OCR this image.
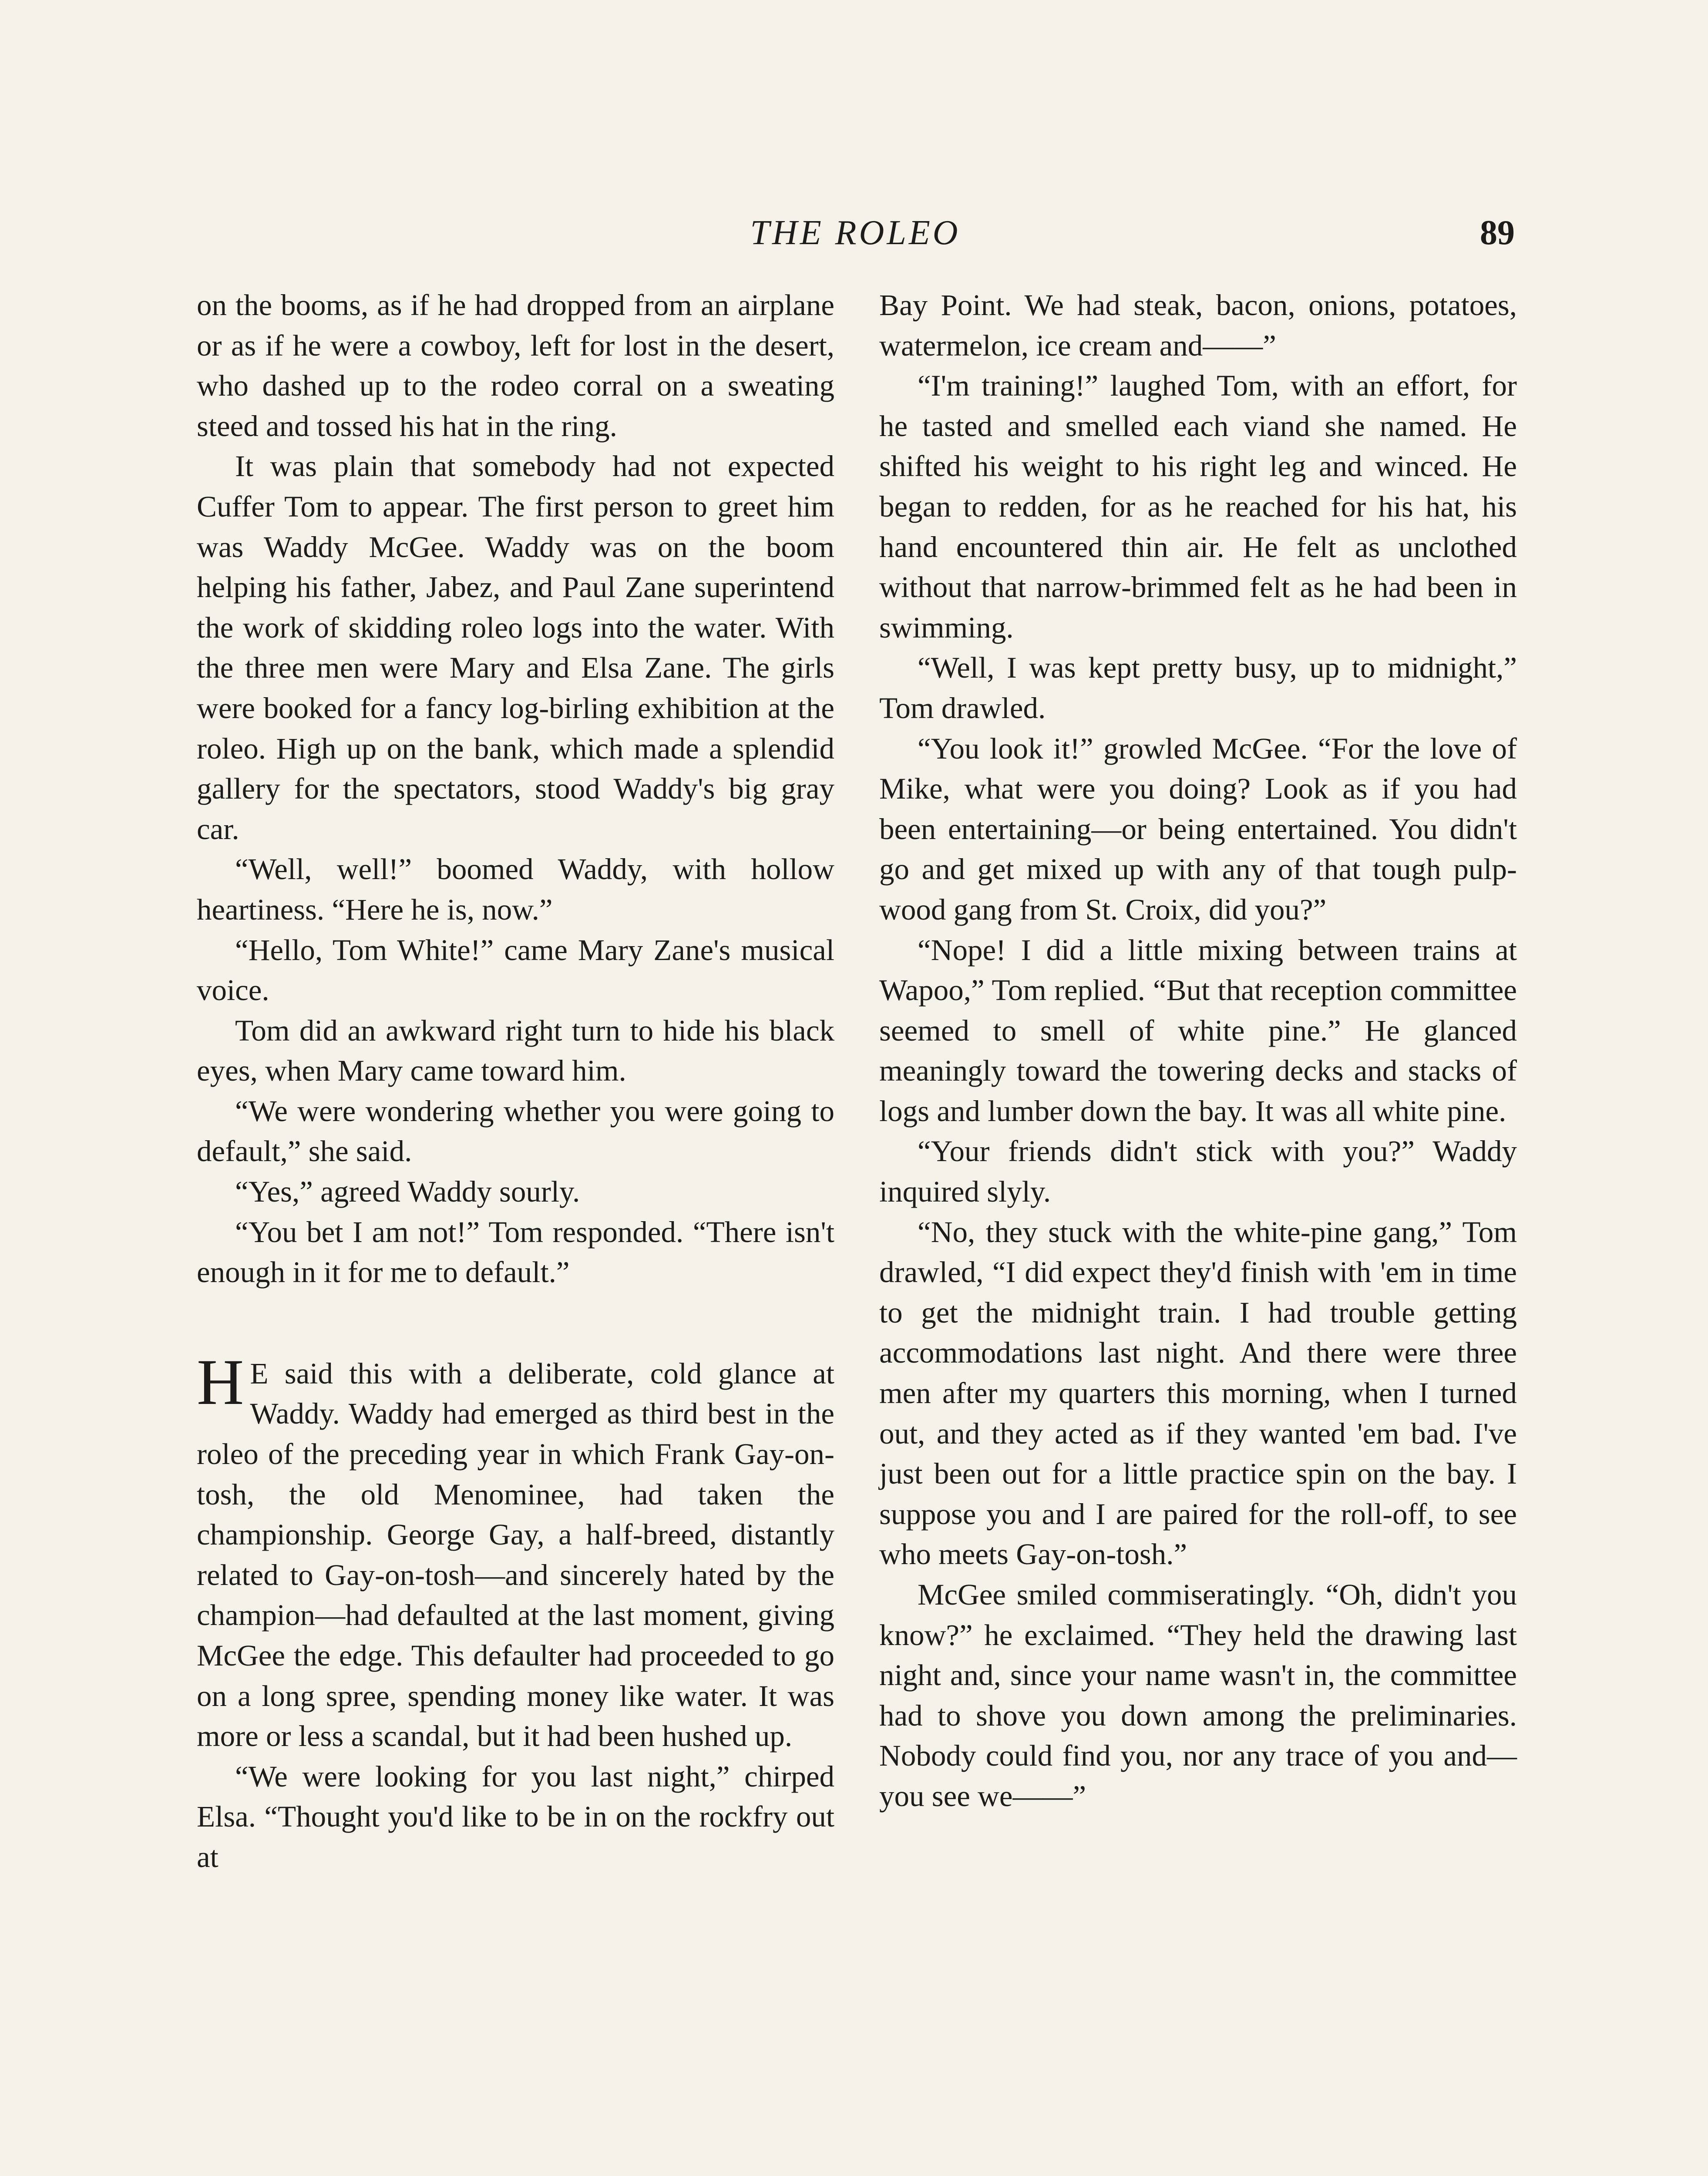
THE ROLEO	89

on the booms, as if he had dropped from an airplane or as if he were a cowboy, left for lost in the desert, who dashed up to the rodeo corral on a sweating steed and tossed his hat in the ring.

It was plain that somebody had not expected Cuffer Tom to appear. The first person to greet him was Waddy McGee. Waddy was on the boom helping his father, Jabez, and Paul Zane superintend the work of skidding roleo logs into the water. With the three men were Mary and Elsa Zane. The girls were booked for a fancy log-birling exhibition at the roleo. High up on the bank, which made a splendid gallery for the spectators, stood Waddy's big gray car.

“Well, well!” boomed Waddy, with hollow heartiness. “Here he is, now.”

“Hello, Tom White!” came Mary Zane's musical voice.

Tom did an awkward right turn to hide his black eyes, when Mary came toward him.

“We were wondering whether you were going to default,” she said.

“Yes,” agreed Waddy sourly.

“You bet I am not!” Tom responded. “There isn't enough in it for me to default.”

H E said this with a deliberate, cold glance at Waddy. Waddy had emerged as third best in the roleo of the preceding year in which Frank Gay-on-tosh, the old Menominee, had taken the championship. George Gay, a half-breed, distantly related to Gay-on-tosh—and sincerely hated by the champion—had defaulted at the last moment, giving McGee the edge. This defaulter had proceeded to go on a long spree, spending money like water. It was more or less a scandal, but it had been hushed up.

“We were looking for you last night,” chirped Elsa. “Thought you'd like to be in on the rockfry out at

Bay Point. We had steak, bacon, onions, potatoes, watermelon, ice cream and——”

“I'm training!” laughed Tom, with an effort, for he tasted and smelled each viand she named. He shifted his weight to his right leg and winced. He began to redden, for as he reached for his hat, his hand encountered thin air. He felt as unclothed without that narrow-brimmed felt as he had been in swimming.

“Well, I was kept pretty busy, up to midnight,” Tom drawled.

“You look it!” growled McGee. “For the love of Mike, what were you doing? Look as if you had been entertaining—or being entertained. You didn't go and get mixed up with any of that tough pulp-wood gang from St. Croix, did you?”

“Nope! I did a little mixing between trains at Wapoo,” Tom replied. “But that reception committee seemed to smell of white pine.” He glanced meaningly toward the towering decks and stacks of logs and lumber down the bay. It was all white pine.

“Your friends didn't stick with you?” Waddy inquired slyly.

“No, they stuck with the white-pine gang,” Tom drawled, “I did expect they'd finish with 'em in time to get the midnight train. I had trouble getting accommodations last night. And there were three men after my quarters this morning, when I turned out, and they acted as if they wanted 'em bad. I've just been out for a little practice spin on the bay. I suppose you and I are paired for the roll-off, to see who meets Gay-on-tosh.”

McGee smiled commiseratingly. “Oh, didn't you know?” he exclaimed. “They held the drawing last night and, since your name wasn't in, the committee had to shove you down among the preliminaries. Nobody could find you, nor any trace of you and—you see we——”
